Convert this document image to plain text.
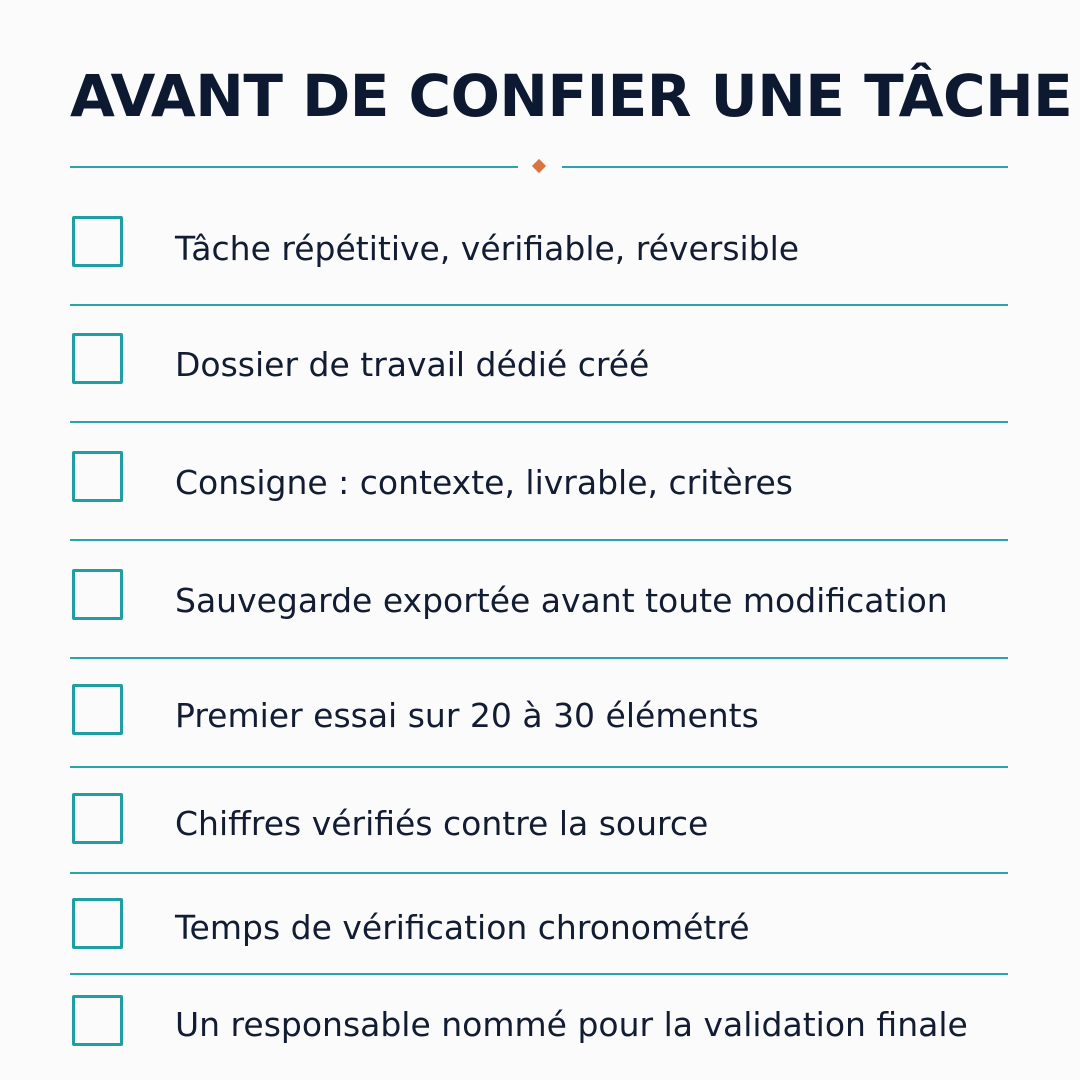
AVANT DE CONFIER UNE TÂCHE
Tâche répétitive, vérifiable, réversible
Dossier de travail dédié créé
Consigne : contexte, livrable, critères
Sauvegarde exportée avant toute modification
Premier essai sur 20 à 30 éléments
Chiffres vérifiés contre la source
Temps de vérification chronométré
Un responsable nommé pour la validation finale
